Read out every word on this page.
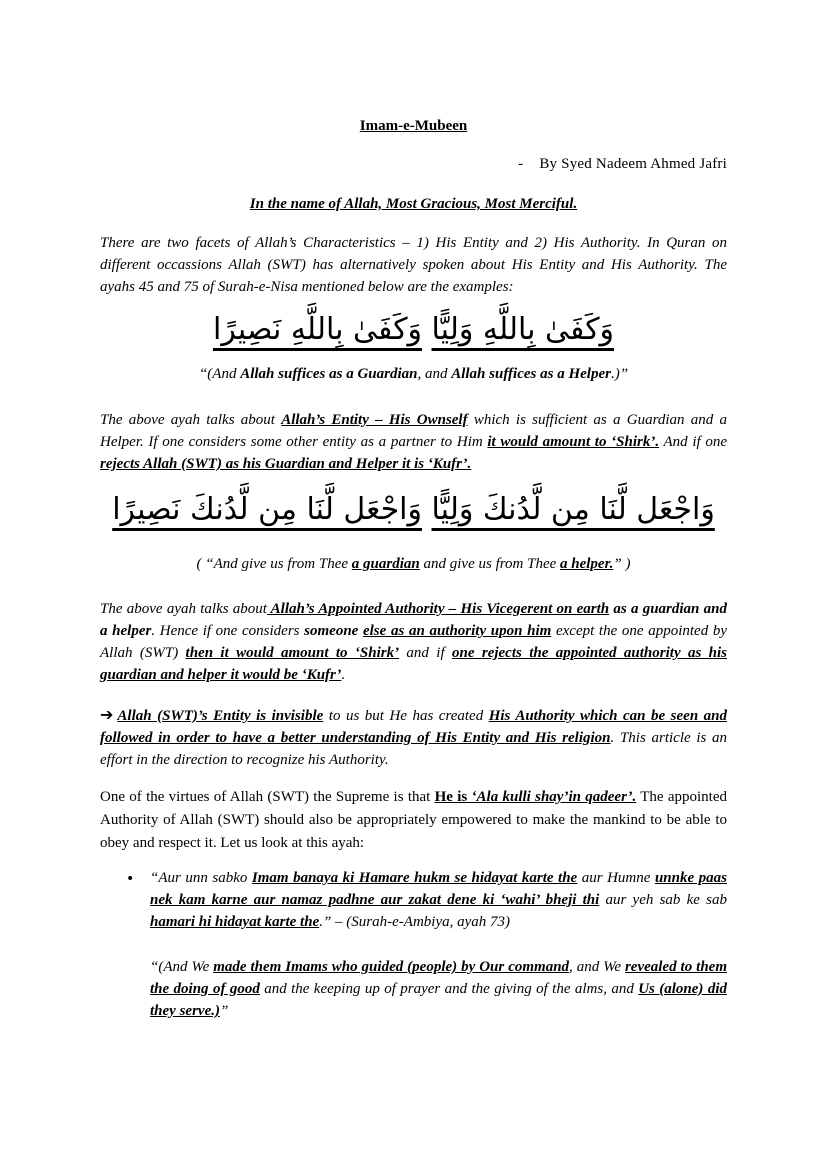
Imam-e-Mubeen
- By Syed Nadeem Ahmed Jafri
In the name of Allah, Most Gracious, Most Merciful.
There are two facets of Allah’s Characteristics – 1) His Entity and 2) His Authority. In Quran on different occassions Allah (SWT) has alternatively spoken about His Entity and His Authority. The ayahs 45 and 75 of Surah-e-Nisa mentioned below are the examples:
وَكَفَىٰ بِاللَّهِ وَلِيًّا وَكَفَىٰ بِاللَّهِ نَصِيرًا
“(And Allah suffices as a Guardian, and Allah suffices as a Helper.)”
The above ayah talks about Allah’s Entity – His Ownself which is sufficient as a Guardian and a Helper. If one considers some other entity as a partner to Him it would amount to ‘Shirk’. And if one rejects Allah (SWT) as his Guardian and Helper it is ‘Kufr’.
وَاجْعَل لَّنَا مِن لَّدُنكَ وَلِيًّا وَاجْعَل لَّنَا مِن لَّدُنكَ نَصِيرًا
( “And give us from Thee a guardian and give us from Thee a helper.” )
The above ayah talks about Allah’s Appointed Authority – His Vicegerent on earth as a guardian and a helper. Hence if one considers someone else as an authority upon him except the one appointed by Allah (SWT) then it would amount to ‘Shirk’ and if one rejects the appointed authority as his guardian and helper it would be ‘Kufr’.
➔ Allah (SWT)’s Entity is invisible to us but He has created His Authority which can be seen and followed in order to have a better understanding of His Entity and His religion. This article is an effort in the direction to recognize his Authority.
One of the virtues of Allah (SWT) the Supreme is that He is ‘Ala kulli shay’in qadeer’. The appointed Authority of Allah (SWT) should also be appropriately empowered to make the mankind to be able to obey and respect it. Let us look at this ayah:
• “Aur unn sabko Imam banaya ki Hamare hukm se hidayat karte the aur Humne unnke paas nek kam karne aur namaz padhne aur zakat dene ki ‘wahi’ bheji thi aur yeh sab ke sab hamari hi hidayat karte the.” – (Surah-e-Ambiya, ayah 73)
“(And We made them Imams who guided (people) by Our command, and We revealed to them the doing of good and the keeping up of prayer and the giving of the alms, and Us (alone) did they serve.)”
